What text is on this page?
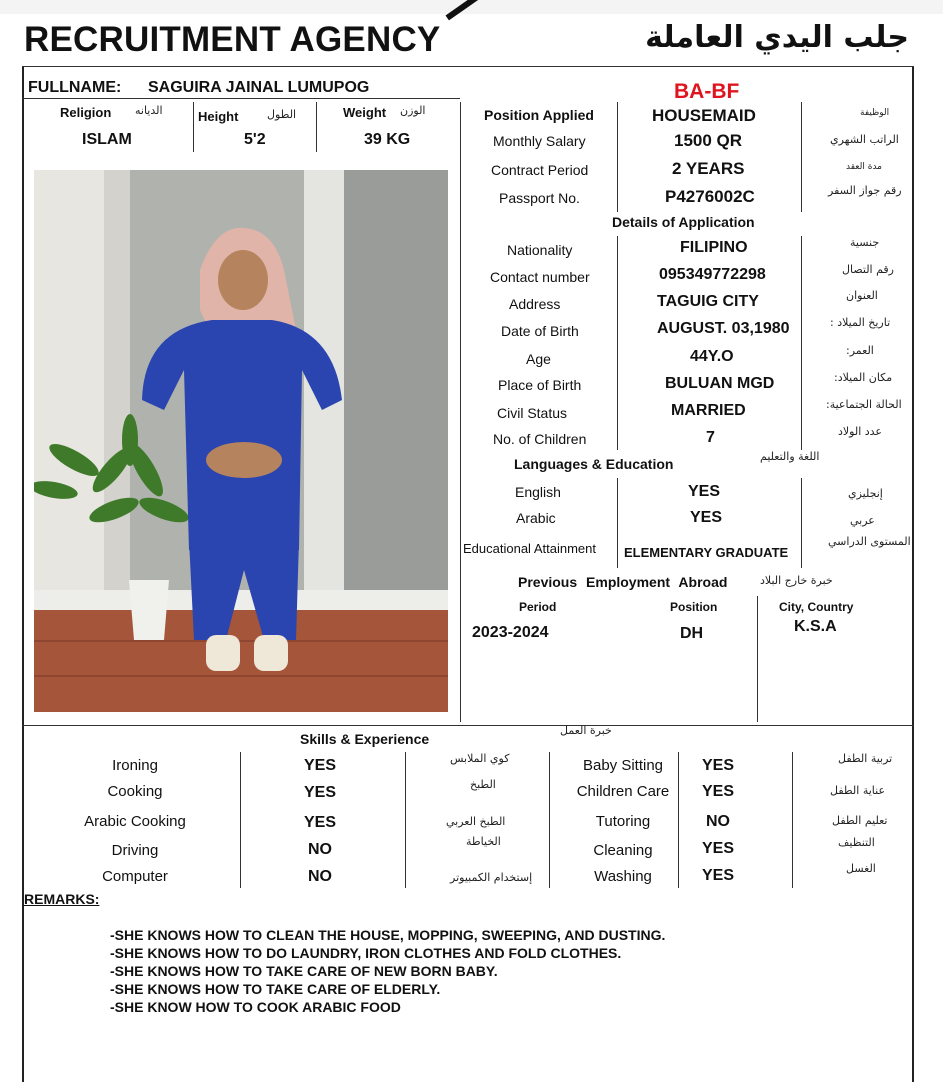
RECRUITMENT AGENCY	جلب اليدي العاملة
FULLNAME: SAGUIRA JAINAL LUMUPOG	BA-BF
Religion الديانه
ISLAM
Height	الطول
5'2
Weight الوزن
39 KG
Position Applied	HOUSEMAID	الوظيفة
Monthly Salary	1500 QR	الراتب الشهري
Contract Period	2 YEARS	مدة العقد
Passport No.	P4276002C	رقم جواز السفر
Details of Application
Nationality	FILIPINO	جنسية
Contact number	095349772298	رقم التصال
Address	TAGUIG CITY	العنوان
Date of Birth	AUGUST. 03,1980	تاريخ الميلاد :
Age	44Y.O	العمر:
Place of Birth	BULUAN MGD	مكان الميلاد:
Civil Status	MARRIED	الحالة الجتماعية:
No. of Children	7	عدد الولاد
Languages & Education	اللغة والتعليم
English	YES	إنجليزي
Arabic	YES	عربي
Educational Attainment ELEMENTARY GRADUATE
المستوى الدراسي
Previous Employment Abroad	خبرة خارج البلاد
Period	Position	City, Country
2023-2024	DH	K.S.A
Skills & Experience
خبرة العمل
Ironing	YES	كوي الملابس
Cooking	YES	الطبخ
Arabic Cooking	YES	الطبخ العربي
Driving	NO	الخياطة
Computer	NO	إستخدام الكمبيوتر
Baby Sitting	YES	تربية الطفل
Children Care	YES	عناية الطفل
Tutoring	NO	تعليم الطفل
Cleaning	YES	التنظيف
Washing	YES	الغسل
REMARKS:
-SHE KNOWS HOW TO CLEAN THE HOUSE, MOPPING, SWEEPING, AND DUSTING.
-SHE KNOWS HOW TO DO LAUNDRY, IRON CLOTHES AND FOLD CLOTHES.
-SHE KNOWS HOW TO TAKE CARE OF NEW BORN BABY.
-SHE KNOWS HOW TO TAKE CARE OF ELDERLY.
-SHE KNOW HOW TO COOK ARABIC FOOD
